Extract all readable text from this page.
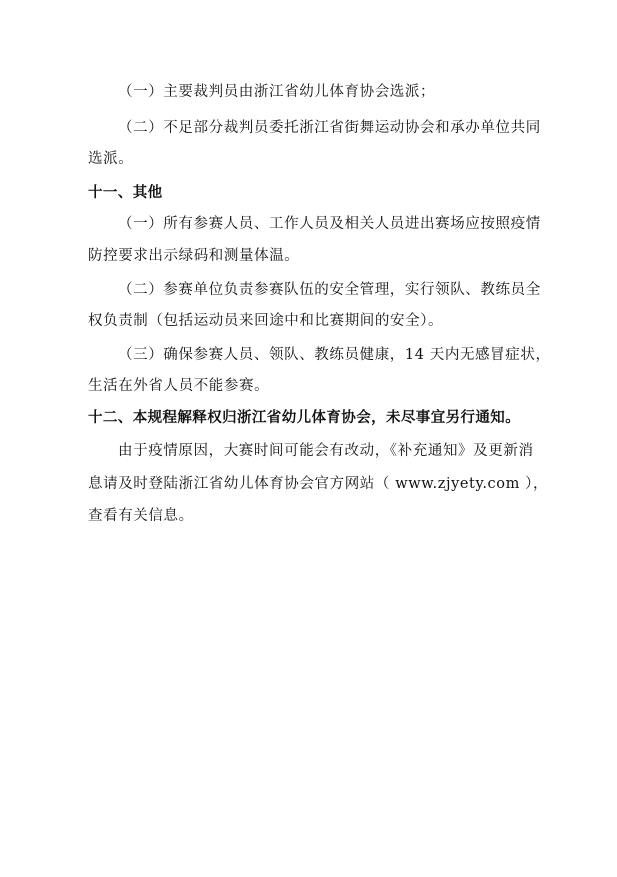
（一）主要裁判员由浙江省幼儿体育协会选派；
（二）不足部分裁判员委托浙江省街舞运动协会和承办单位共同
选派。
十一、其他
（一）所有参赛人员、工作人员及相关人员进出赛场应按照疫情
防控要求出示绿码和测量体温。
（二）参赛单位负责参赛队伍的安全管理，实行领队、教练员全
权负责制（包括运动员来回途中和比赛期间的安全）。
（三）确保参赛人员、领队、教练员健康，14 天内无感冒症状，
生活在外省人员不能参赛。
十二、本规程解释权归浙江省幼儿体育协会，未尽事宜另行通知。
由于疫情原因，大赛时间可能会有改动，《补充通知》及更新消
息请及时登陆浙江省幼儿体育协会官方网站（ www.zjyety.com ），
查看有关信息。
